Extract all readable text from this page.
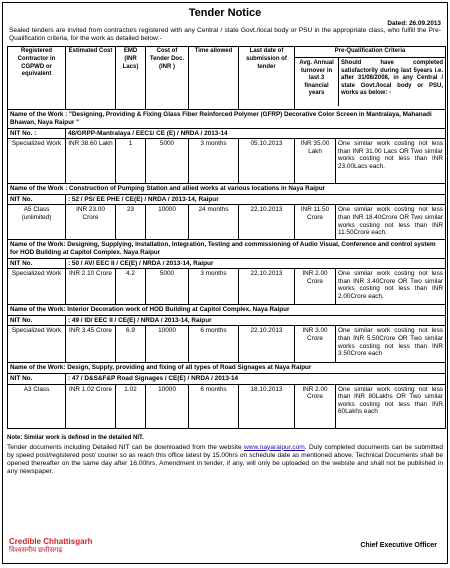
Tender Notice
Dated: 26.09.2013
Sealed tenders are invited from contractors registered with any Central / state Govt./local body or PSU in the appropriate class, who fulfill the Pre-Qualification criteria, for the work as detailed below:-
Registered Contractor in CGPWD or equivalent	Estimated Cost	EMD (INR Lacs)	Cost of Tender Doc. (INR )	Time allowed	Last date of submission of tender	Pre-Qualification Criteria
Avg. Annual turnover in last 3 financial years
Should have completed satisfactorily during last 5years i.e. after 31/08/2008, in any Central / state Govt./local body or PSU, works as below: -	

Name of the Work : "Designing, Providing & Fixing Glass Fiber Reinforced Polymer (GFRP) Decorative Color Screen in Mantralaya, Mahanadi Bhawan, Naya Raipur "							
NIT No. :	48/GRPP-Mantralaya / EEC1/ CE (E) / NRDA / 2013-14						
Specialized Work	INR 38.60 Lakh	1	5000	3 months	05.10.2013	INR 35.00 Lakh	One similar work costing not less than INR 31.00 Lacs OR Two similar works costing not less than INR 23.00Lacs each.
Name of the Work : Construction of Pumping Station and allied works at various locations in Naya Raipur							
NIT No.	: 52 / PS/ EE PHE / CE(E) / NRDA / 2013-14, Raipur						
A5 Class (unlimited)	INR 23.00 Crore	23	10000	24 months	22.10.2013	INR 11.50 Crore	One similar work costing not less than INR 18.40Crore OR Two similar works costing not less than INR 11.50Crore each.
Name of the Work: Designing, Supplying, Installation, Integration, Testing and commissioning of Audio Visual, Conference and control system for HOD Building at Capitol Complex. Naya Raipur							
NIT No.	: 50 / AV/ EEC II / CE(E) / NRDA / 2013-14, Raipur						
Specialized Work	INR 2.10 Crore	4.2	5000	3 months	22.10.2013	INR 2.00 Crore	One similar work costing not less than INR 3.40Crore OR Two similar works costing not less than INR 2.00Crore each.
Name of the Work: Interior Decoration work of HOD Building at Capitol Complex. Naya Raipur							
NIT No.	: 49 / ID/ EEC II / CE(E) / NRDA / 2013-14, Raipur						
Specialized Work	INR 3.45 Crore	6.9	10000	6 months	22.10.2013	INR 3.00 Crore	One similar work costing not less than INR 5.50Crore OR Two similar works costing not less than INR 3.50Crore each
Name of the Work: Design, Supply, providing and fixing of all types of Road Signages at Naya Raipur							
NIT No.	: 47 / D&S&F&P Road Signages / CE(E) / NRDA / 2013-14						
A3 Class	INR 1.02 Crore	1.02	10000	6 months	18.10.2013	INR 2.00 Crore	One similar work costing not less than INR 80Lakhs OR Two similar works costing not less than INR 60Lakhs each
Note: Similar work is defined in the detailed NIT.
Tender documents including Detailed NIT can be downloaded from the website www.nayaraipur.com. Duly completed documents can be submitted by speed post/registered post/ courier so as reach this office latest by 15.00hrs on schedule date as mentioned above. Technical Documents shall be opened thereafter on the same day after 16.00hrs. Amendment in tender, if any, will only be uploaded on the website and shall not be published in any newspaper.
Credible Chhattisgarh
विश्वसनीय छत्तीसगढ़
Chief Executive Officer
